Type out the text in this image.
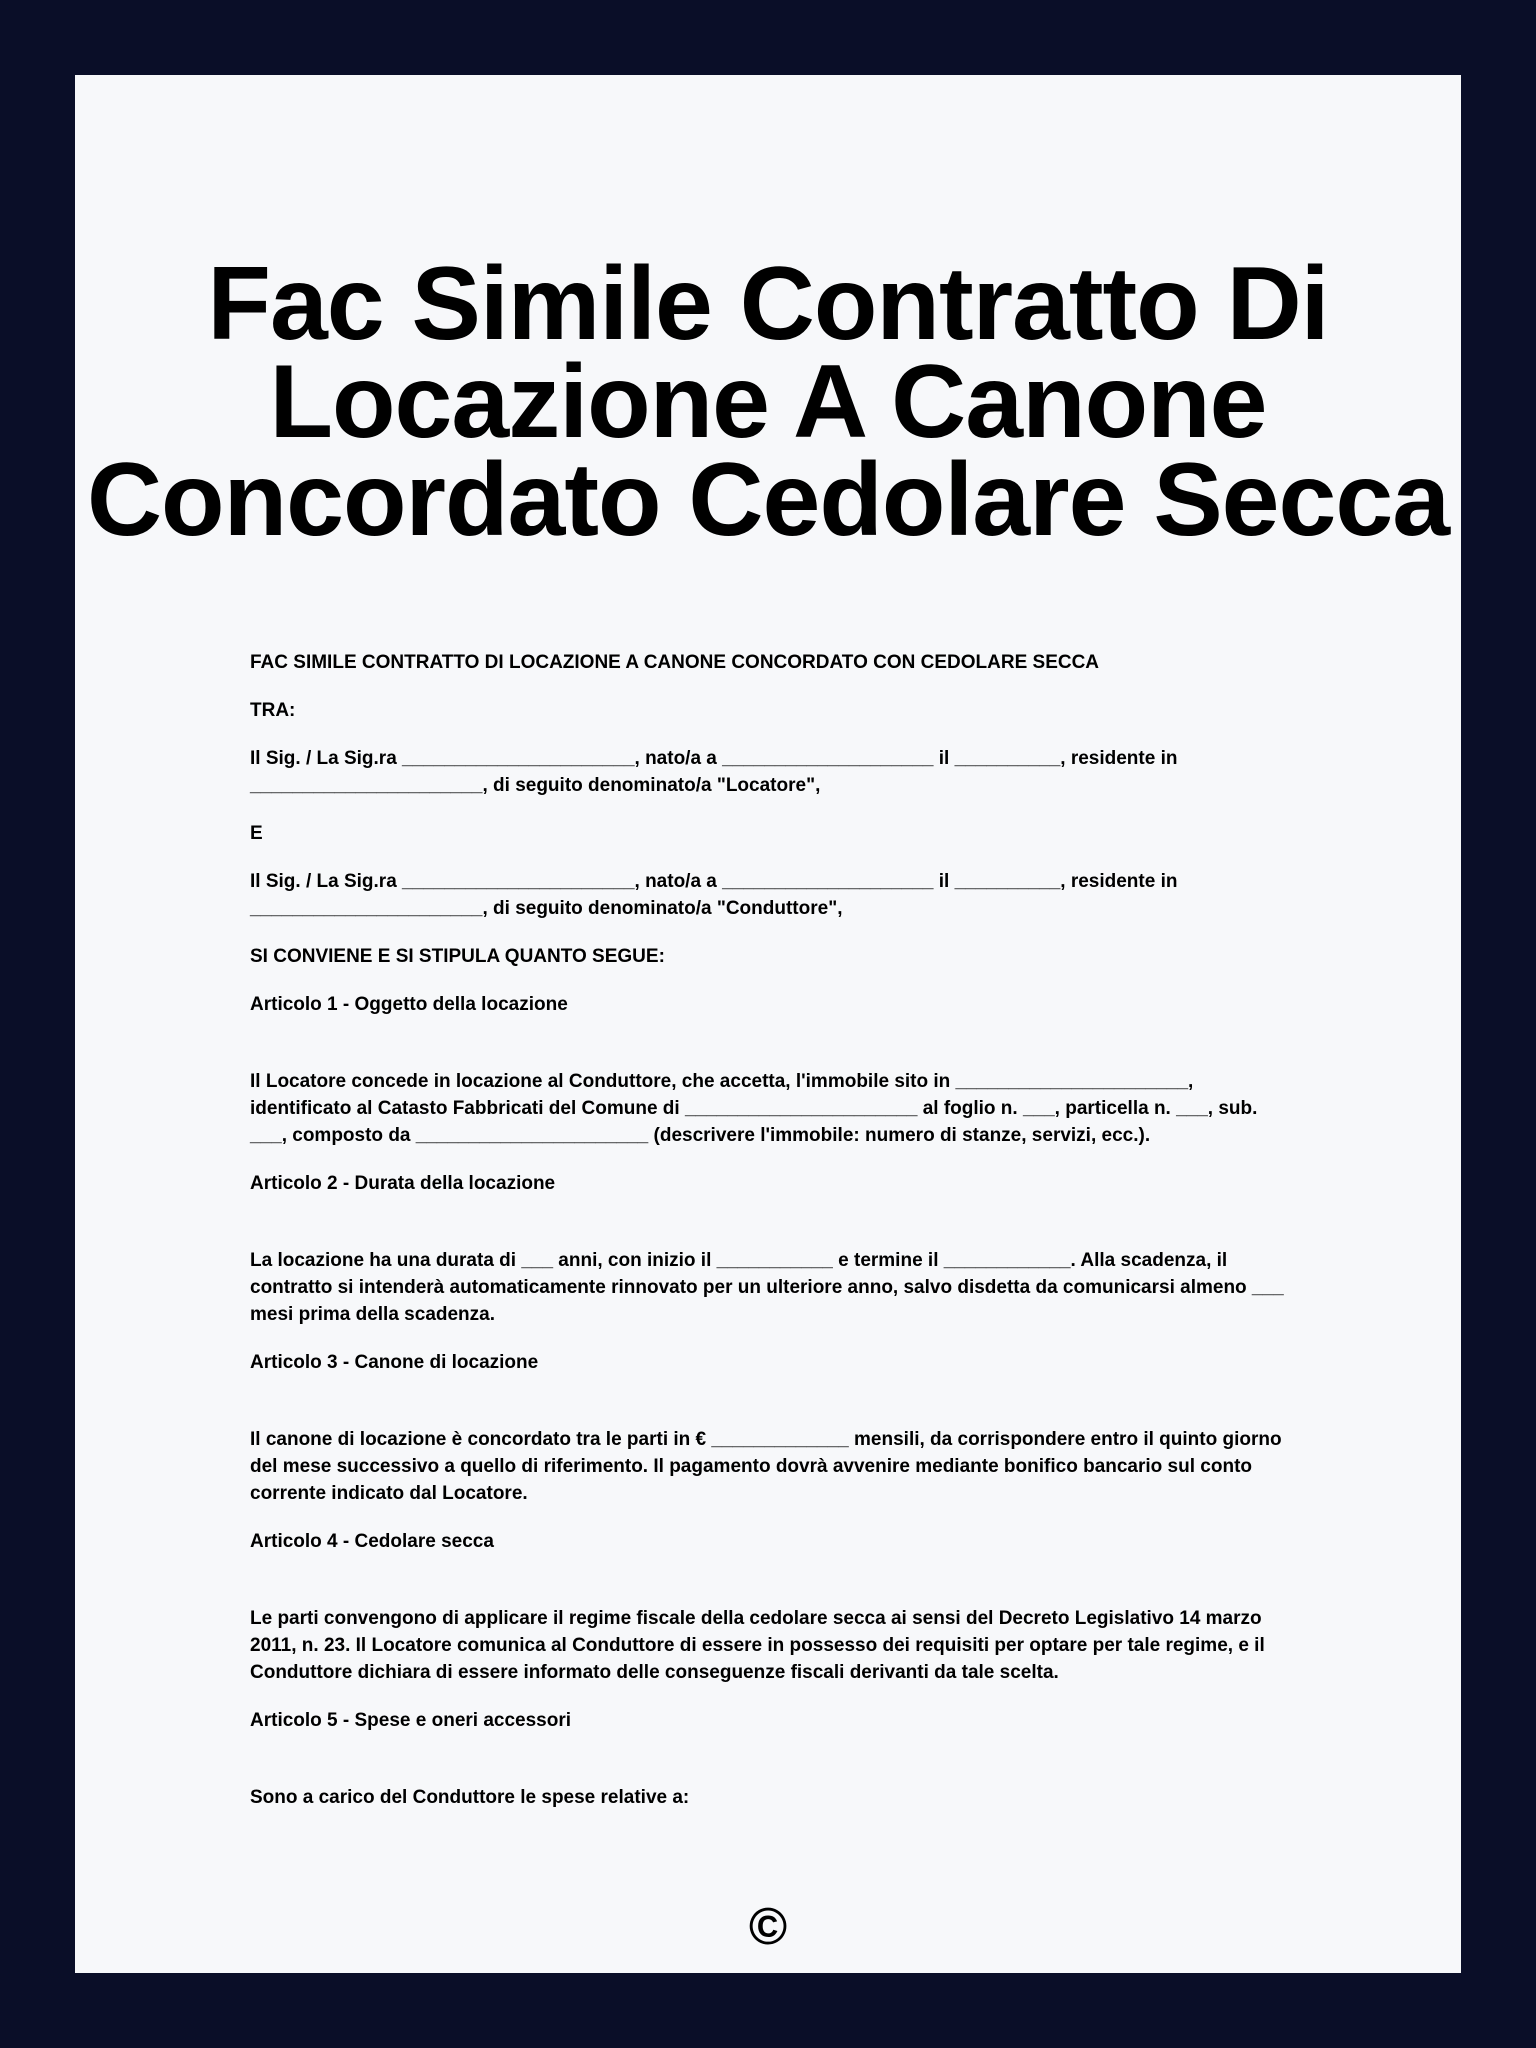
Fac Simile Contratto Di
Locazione A Canone
Concordato Cedolare Secca

FAC SIMILE CONTRATTO DI LOCAZIONE A CANONE CONCORDATO CON CEDOLARE SECCA

TRA:

Il Sig. / La Sig.ra ______________________, nato/a a ____________________ il __________, residente in ______________________, di seguito denominato/a "Locatore",

E

Il Sig. / La Sig.ra ______________________, nato/a a ____________________ il __________, residente in ______________________, di seguito denominato/a "Conduttore",

SI CONVIENE E SI STIPULA QUANTO SEGUE:

Articolo 1 - Oggetto della locazione

Il Locatore concede in locazione al Conduttore, che accetta, l'immobile sito in ______________________, identificato al Catasto Fabbricati del Comune di ______________________ al foglio n. ___, particella n. ___, sub. ___, composto da ______________________ (descrivere l'immobile: numero di stanze, servizi, ecc.).

Articolo 2 - Durata della locazione

La locazione ha una durata di ___ anni, con inizio il ___________ e termine il ____________. Alla scadenza, il contratto si intenderà automaticamente rinnovato per un ulteriore anno, salvo disdetta da comunicarsi almeno ___ mesi prima della scadenza.

Articolo 3 - Canone di locazione

Il canone di locazione è concordato tra le parti in € _____________ mensili, da corrispondere entro il quinto giorno del mese successivo a quello di riferimento. Il pagamento dovrà avvenire mediante bonifico bancario sul conto corrente indicato dal Locatore.

Articolo 4 - Cedolare secca

Le parti convengono di applicare il regime fiscale della cedolare secca ai sensi del Decreto Legislativo 14 marzo 2011, n. 23. Il Locatore comunica al Conduttore di essere in possesso dei requisiti per optare per tale regime, e il Conduttore dichiara di essere informato delle conseguenze fiscali derivanti da tale scelta.

Articolo 5 - Spese e oneri accessori

Sono a carico del Conduttore le spese relative a:

©
